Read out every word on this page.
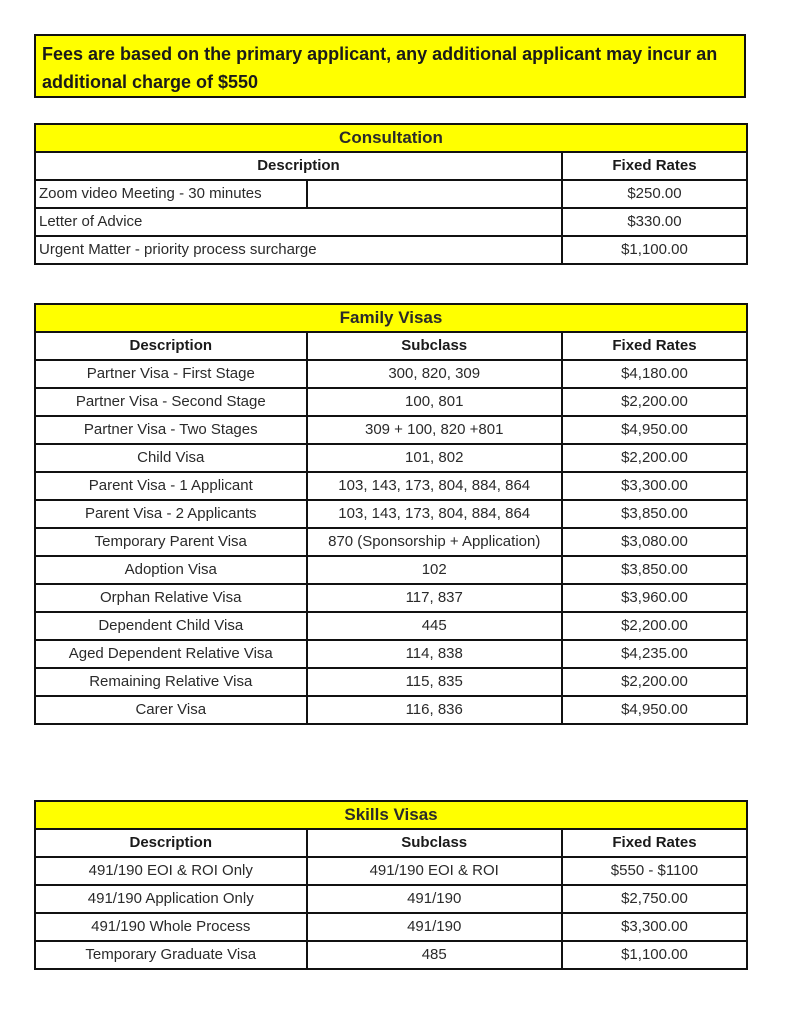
Fees are based on the primary applicant, any additional applicant may incur an additional charge of $550
Consultation		
Description		Fixed Rates
Zoom video Meeting - 30 minutes		$250.00
Letter of Advice		$330.00
Urgent Matter - priority process surcharge		$1,100.00
Family Visas		
Description	Subclass	Fixed Rates
Partner Visa - First Stage	300, 820, 309	$4,180.00
Partner Visa - Second Stage	100, 801	$2,200.00
Partner Visa - Two Stages	309 + 100, 820 +801	$4,950.00
Child Visa	101, 802	$2,200.00
Parent Visa - 1 Applicant	103, 143, 173, 804, 884, 864	$3,300.00
Parent Visa - 2 Applicants	103, 143, 173, 804, 884, 864	$3,850.00
Temporary Parent Visa	870 (Sponsorship + Application)	$3,080.00
Adoption Visa	102	$3,850.00
Orphan Relative Visa	117, 837	$3,960.00
Dependent Child Visa	445	$2,200.00
Aged Dependent Relative Visa	114, 838	$4,235.00
Remaining Relative Visa	115, 835	$2,200.00
Carer Visa	116, 836	$4,950.00
Skills Visas		
Description	Subclass	Fixed Rates
491/190 EOI & ROI Only	491/190 EOI & ROI	$550 - $1100
491/190 Application Only	491/190	$2,750.00
491/190 Whole Process	491/190	$3,300.00
Temporary Graduate Visa	485	$1,100.00
